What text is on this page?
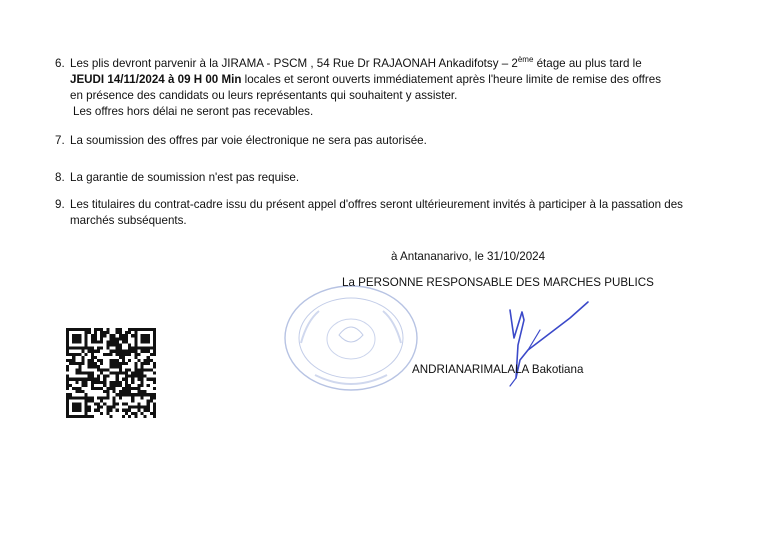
6. Les plis devront parvenir à la JIRAMA - PSCM , 54 Rue Dr RAJAONAH Ankadifotsy – 2ème étage au plus tard le
JEUDI 14/11/2024 à 09 H 00 Min locales et seront ouverts immédiatement après l'heure limite de remise des offres
en présence des candidats ou leurs représentants qui souhaitent y assister.
Les offres hors délai ne seront pas recevables.
7. La soumission des offres par voie électronique ne sera pas autorisée.
8. La garantie de soumission n'est pas requise.
9. Les titulaires du contrat-cadre issu du présent appel d'offres seront ultérieurement invités à participer à la passation des
marchés subséquents.
à Antananarivo, le 31/10/2024
La PERSONNE RESPONSABLE DES MARCHES PUBLICS
ANDRIANARIMALALA Bakotiana
